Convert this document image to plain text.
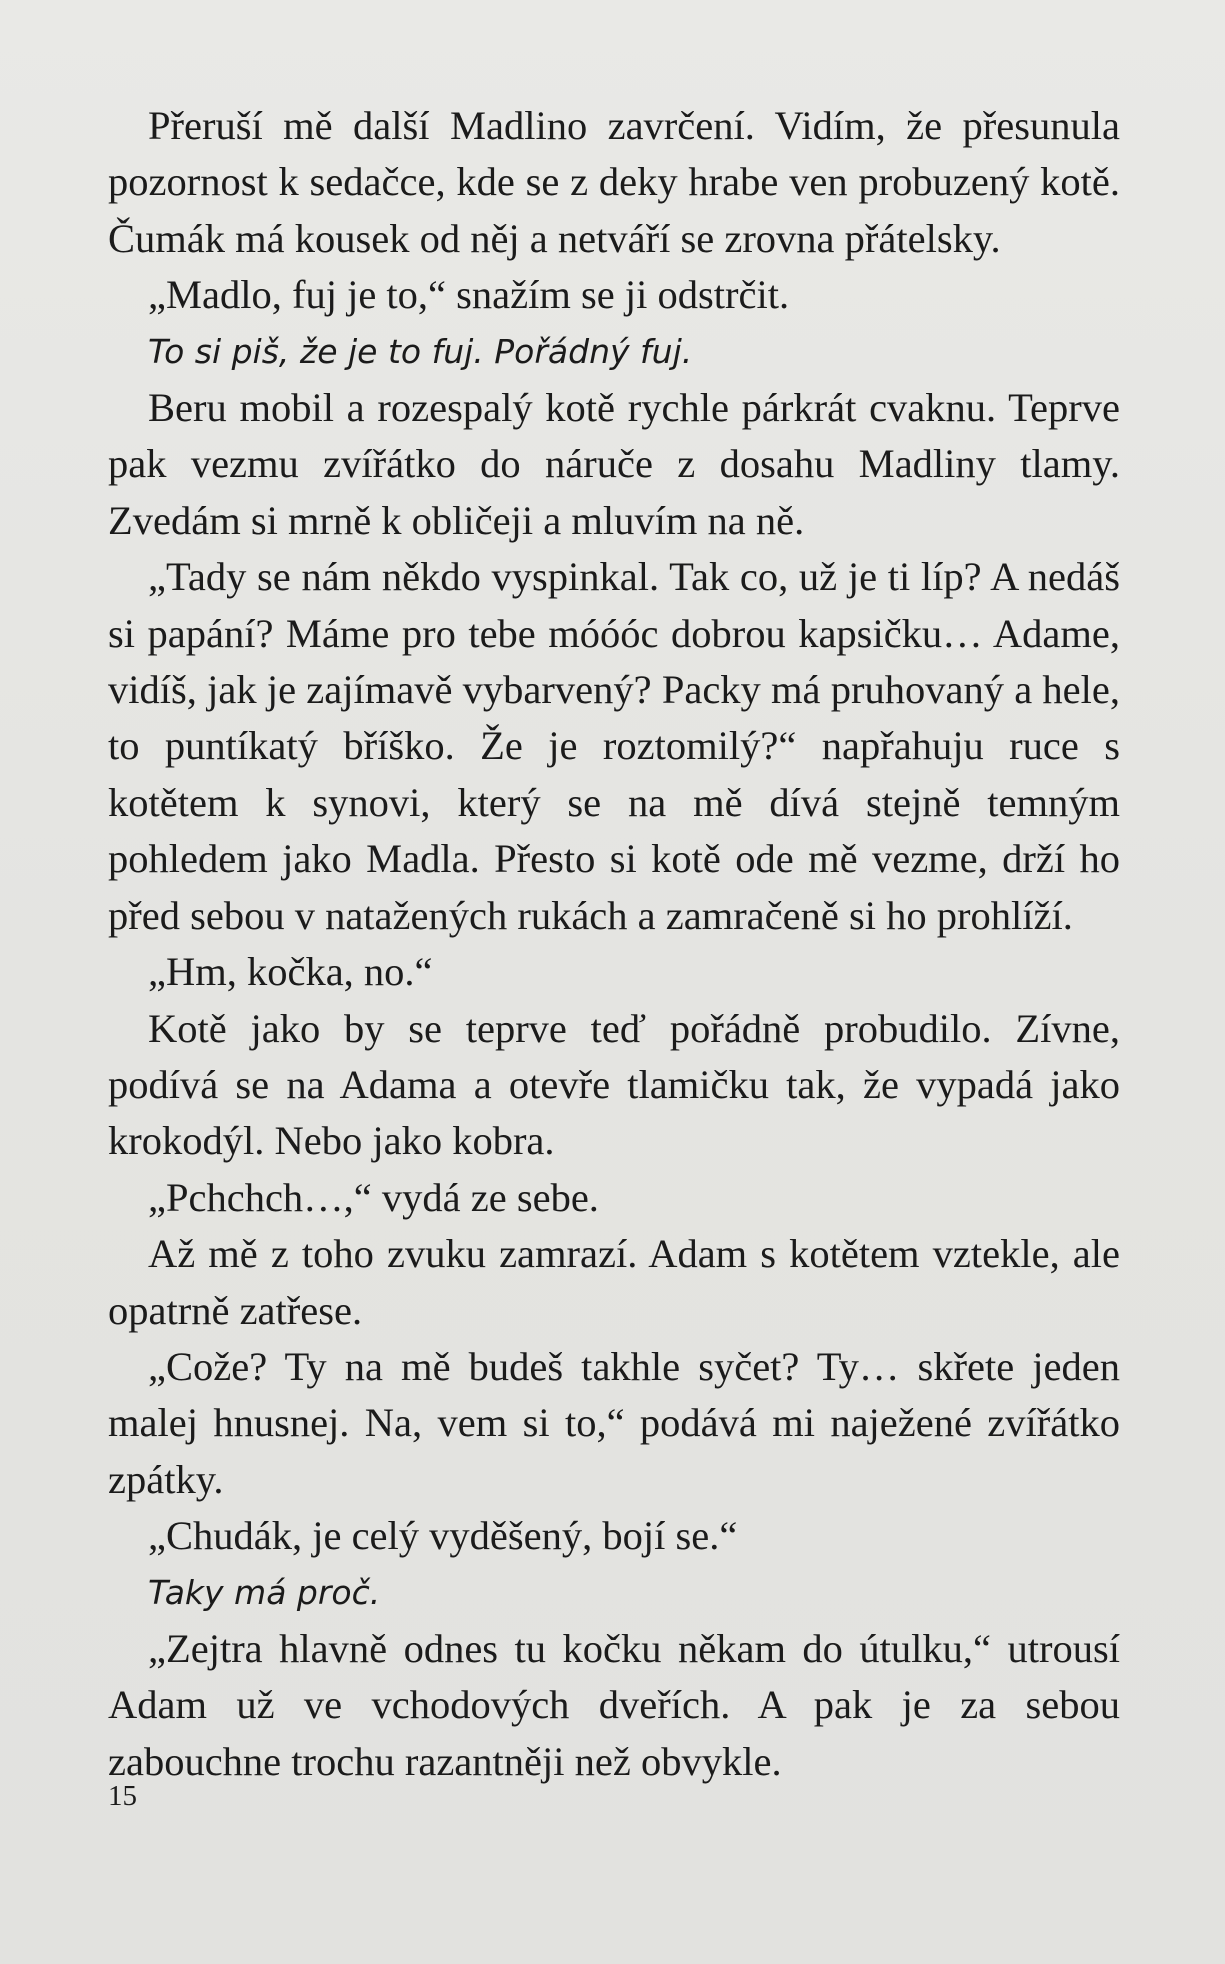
Přeruší mě další Madlino zavrčení. Vidím, že přesunula pozornost k sedačce, kde se z deky hrabe ven probuzený kotě. Čumák má kousek od něj a netváří se zrovna přátelsky.

„Madlo, fuj je to,“ snažím se ji odstrčit.

To si piš, že je to fuj. Pořádný fuj.

Beru mobil a rozespalý kotě rychle párkrát cvaknu. Teprve pak vezmu zvířátko do náruče z dosahu Madliny tlamy. Zvedám si mrně k obličeji a mluvím na ně.

„Tady se nám někdo vyspinkal. Tak co, už je ti líp? A nedáš si papání? Máme pro tebe móóóc dobrou kapsičku… Adame, vidíš, jak je zajímavě vybarvený? Packy má pruhovaný a hele, to puntíkatý bříško. Že je roztomilý?“ napřahuju ruce s kotětem k synovi, který se na mě dívá stejně temným pohledem jako Madla. Přesto si kotě ode mě vezme, drží ho před sebou v natažených rukách a zamračeně si ho prohlíží.

„Hm, kočka, no.“

Kotě jako by se teprve teď pořádně probudilo. Zívne, podívá se na Adama a otevře tlamičku tak, že vypadá jako krokodýl. Nebo jako kobra.

„Pchchch…,“ vydá ze sebe.

Až mě z toho zvuku zamrazí. Adam s kotětem vztekle, ale opatrně zatřese.

„Cože? Ty na mě budeš takhle syčet? Ty… skřete jeden malej hnusnej. Na, vem si to,“ podává mi naježené zvířátko zpátky.

„Chudák, je celý vyděšený, bojí se.“

Taky má proč.

„Zejtra hlavně odnes tu kočku někam do útulku,“ utrousí Adam už ve vchodových dveřích. A pak je za sebou zabouchne trochu razantněji než obvykle.

15
